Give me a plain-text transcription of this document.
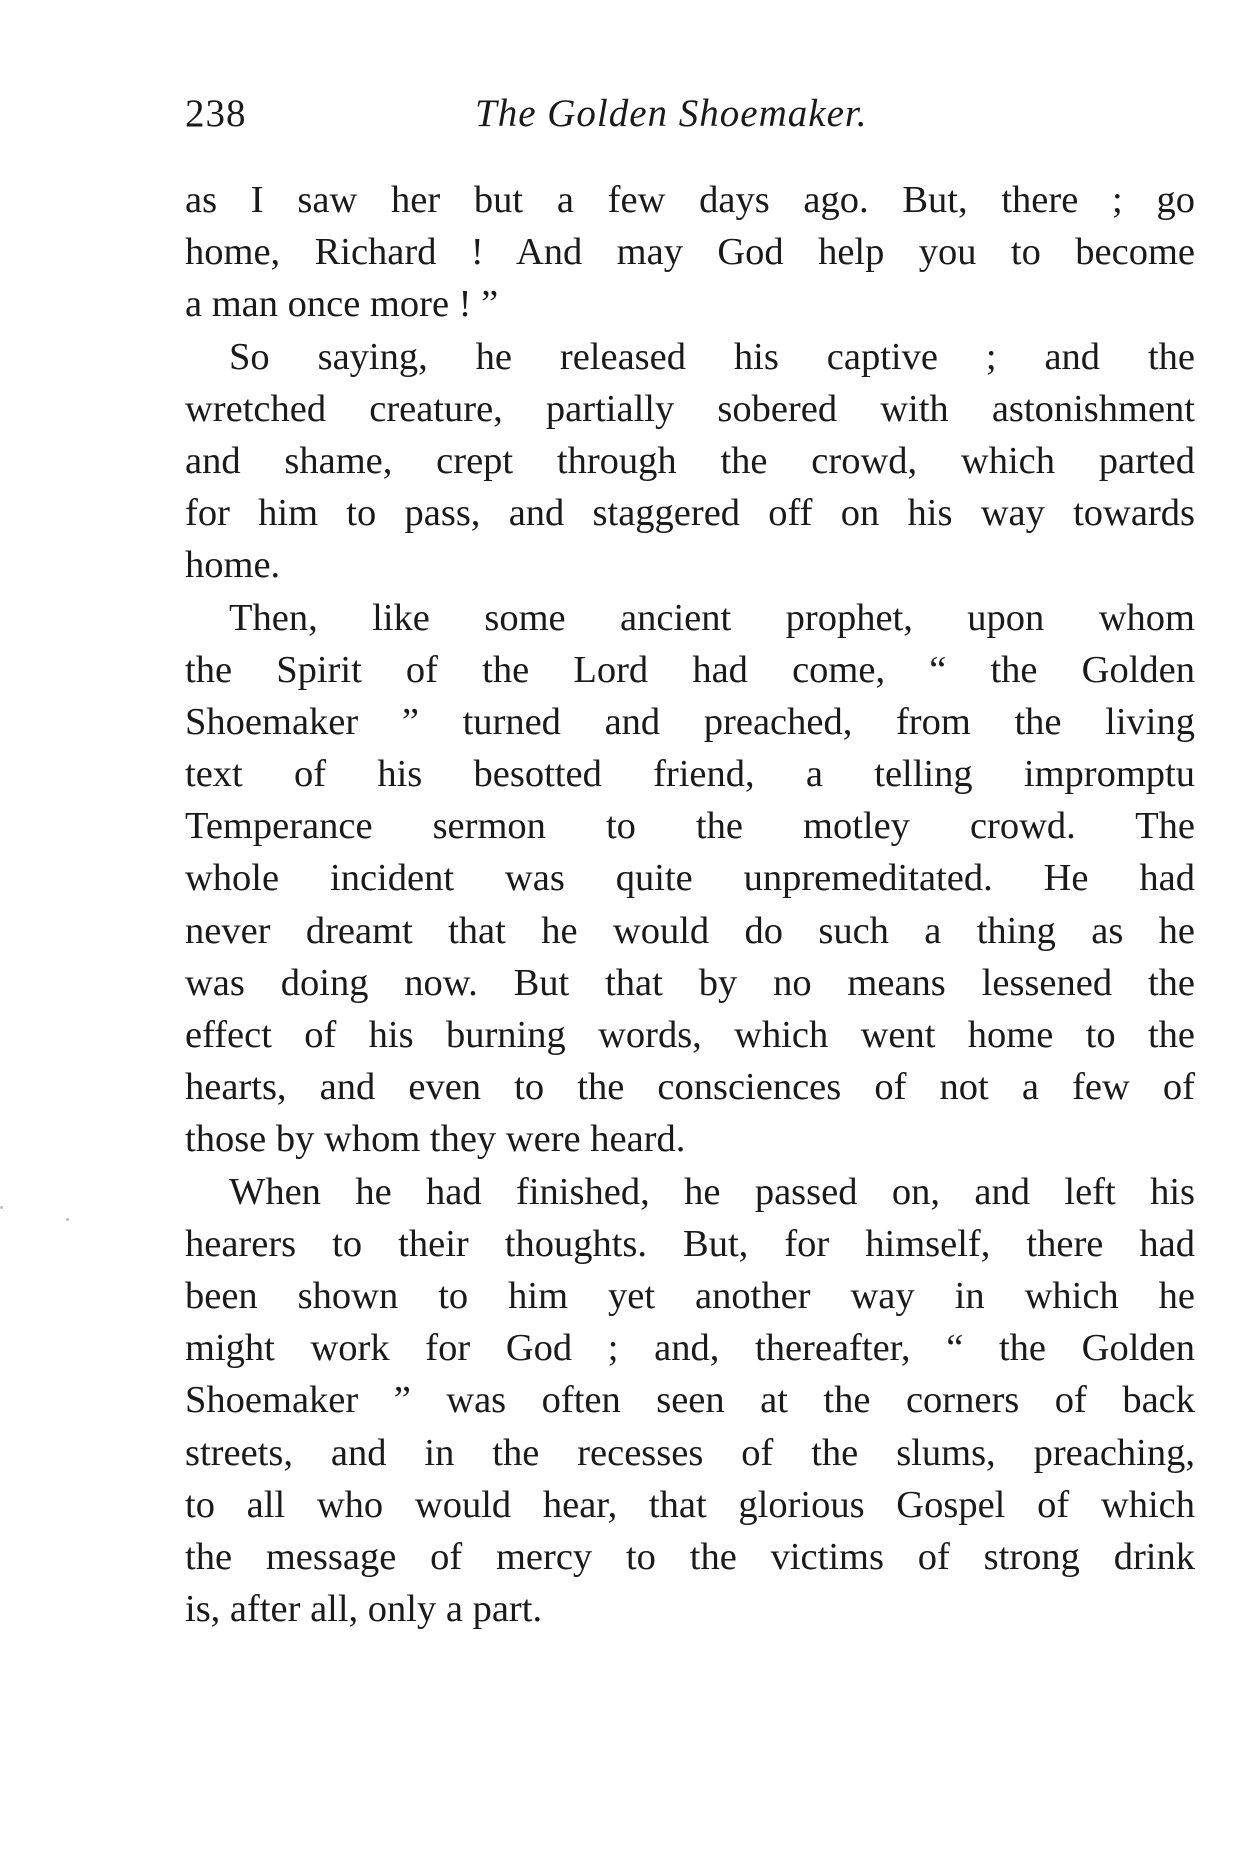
238	The Golden Shoemaker.
as I saw her but a few days ago. But, there ; go
home, Richard ! And may God help you to become
a man once more ! ”
So saying, he released his captive ; and the
wretched creature, partially sobered with astonishment
and shame, crept through the crowd, which parted
for him to pass, and staggered off on his way towards
home.
Then, like some ancient prophet, upon whom
the Spirit of the Lord had come, “ the Golden
Shoemaker ” turned and preached, from the living
text of his besotted friend, a telling impromptu
Temperance sermon to the motley crowd. The
whole incident was quite unpremeditated. He had
never dreamt that he would do such a thing as he
was doing now. But that by no means lessened the
effect of his burning words, which went home to the
hearts, and even to the consciences of not a few of
those by whom they were heard.
When he had finished, he passed on, and left his
hearers to their thoughts. But, for himself, there had
been shown to him yet another way in which he
might work for God ; and, thereafter, “ the Golden
Shoemaker ” was often seen at the corners of back
streets, and in the recesses of the slums, preaching,
to all who would hear, that glorious Gospel of which
the message of mercy to the victims of strong drink
is, after all, only a part.
